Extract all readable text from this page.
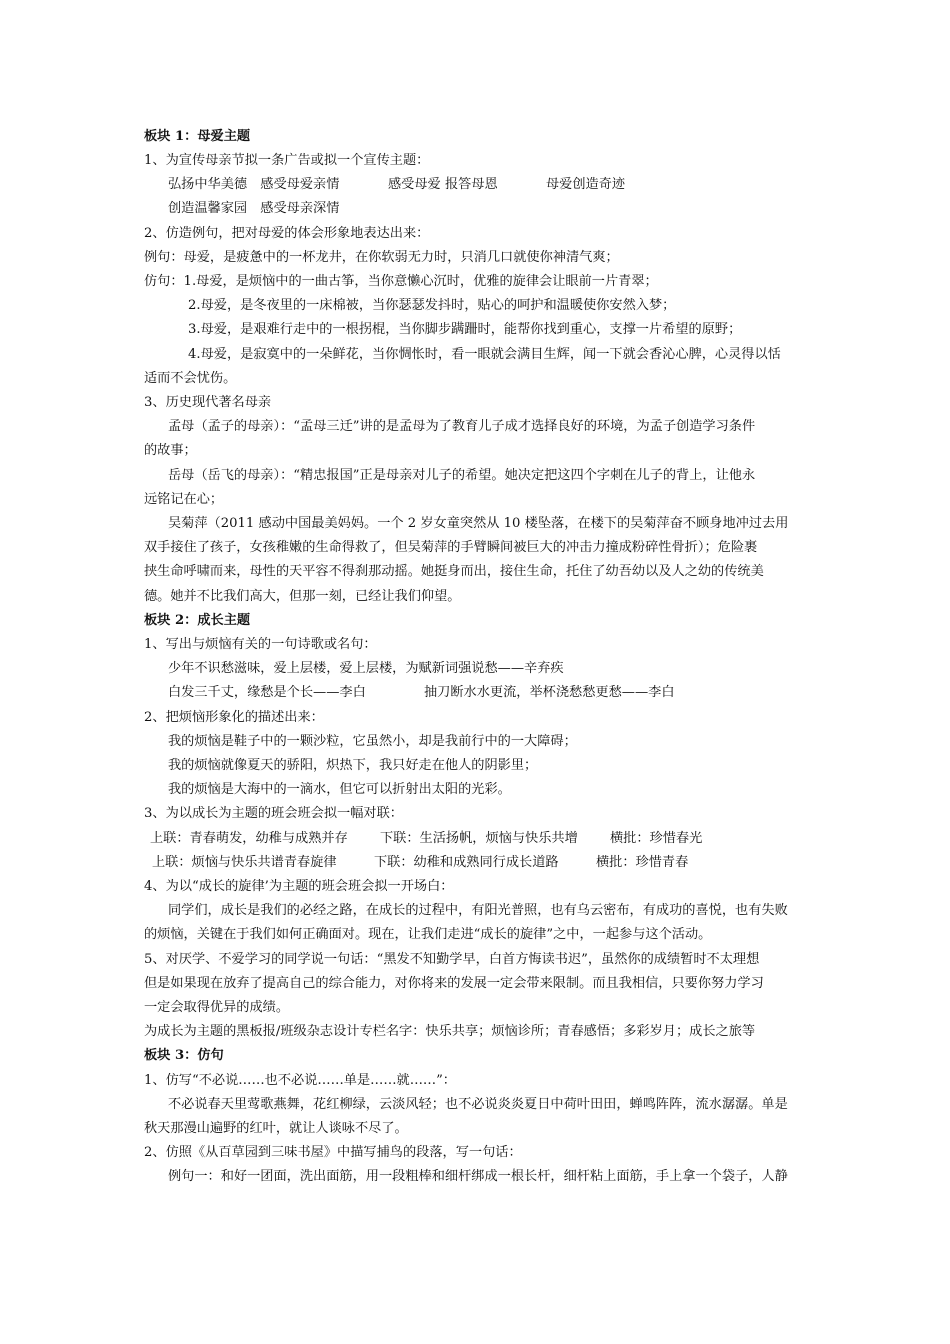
板块 1：母爱主题
1、为宣传母亲节拟一条广告或拟一个宣传主题：
弘扬中华美德　感受母爱亲情	感受母爱 报答母恩	母爱创造奇迹
创造温馨家园　感受母亲深情
2、仿造例句，把对母爱的体会形象地表达出来：
例句：母爱，是疲惫中的一杯龙井，在你软弱无力时，只消几口就使你神清气爽；
仿句：1.母爱，是烦恼中的一曲古筝，当你意懒心沉时，优雅的旋律会让眼前一片青翠；
2.母爱，是冬夜里的一床棉被，当你瑟瑟发抖时，贴心的呵护和温暖使你安然入梦；
3.母爱，是艰难行走中的一根拐棍，当你脚步蹒跚时，能帮你找到重心，支撑一片希望的原野；
4.母爱，是寂寞中的一朵鲜花，当你惆怅时，看一眼就会满目生辉，闻一下就会香沁心脾，心灵得以恬
适而不会忧伤。
3、历史现代著名母亲
孟母（孟子的母亲）：“孟母三迁”讲的是孟母为了教育儿子成才选择良好的环境，为孟子创造学习条件
的故事；
岳母（岳飞的母亲）：“精忠报国”正是母亲对儿子的希望。她决定把这四个字刺在儿子的背上，让他永
远铭记在心；
吴菊萍（2011 感动中国最美妈妈。一个 2 岁女童突然从 10 楼坠落，在楼下的吴菊萍奋不顾身地冲过去用
双手接住了孩子，女孩稚嫩的生命得救了，但吴菊萍的手臂瞬间被巨大的冲击力撞成粉碎性骨折）；危险裹
挟生命呼啸而来，母性的天平容不得刹那动摇。她挺身而出，接住生命，托住了幼吾幼以及人之幼的传统美
德。她并不比我们高大，但那一刻，已经让我们仰望。
板块 2：成长主题
1、写出与烦恼有关的一句诗歌或名句：
少年不识愁滋味，爱上层楼，爱上层楼，为赋新词强说愁——辛弃疾
白发三千丈，缘愁是个长——李白	抽刀断水水更流，举杯浇愁愁更愁——李白
2、把烦恼形象化的描述出来：
我的烦恼是鞋子中的一颗沙粒，它虽然小，却是我前行中的一大障碍；
我的烦恼就像夏天的骄阳，炽热下，我只好走在他人的阴影里；
我的烦恼是大海中的一滴水，但它可以折射出太阳的光彩。
3、为以成长为主题的班会班会拟一幅对联：
上联：青春萌发，幼稚与成熟并存 下联：生活扬帆，烦恼与快乐共增 横批：珍惜春光
上联：烦恼与快乐共谱青春旋律	下联：幼稚和成熟同行成长道路	横批：珍惜青春
4、为以“成长的旋律’为主题的班会班会拟一开场白：
同学们，成长是我们的必经之路，在成长的过程中，有阳光普照，也有乌云密布，有成功的喜悦，也有失败
的烦恼，关键在于我们如何正确面对。现在，让我们走进“成长的旋律”之中，一起参与这个活动。
5、对厌学、不爱学习的同学说一句话：“黑发不知勤学早，白首方悔读书迟”，虽然你的成绩暂时不太理想
但是如果现在放弃了提高自己的综合能力，对你将来的发展一定会带来限制。而且我相信，只要你努力学习
一定会取得优异的成绩。
为成长为主题的黑板报/班级杂志设计专栏名字：快乐共享；烦恼诊所；青春感悟；多彩岁月；成长之旅等
板块 3：仿句
1、仿写“不必说……也不必说……单是……就……”：
不必说春天里莺歌燕舞，花红柳绿，云淡风轻；也不必说炎炎夏日中荷叶田田，蝉鸣阵阵，流水潺潺。单是
秋天那漫山遍野的红叶，就让人谈咏不尽了。
2、仿照《从百草园到三味书屋》中描写捕鸟的段落，写一句话：
例句一：和好一团面，洗出面筋，用一段粗棒和细杆绑成一根长杆，细杆粘上面筋，手上拿一个袋子，人静
